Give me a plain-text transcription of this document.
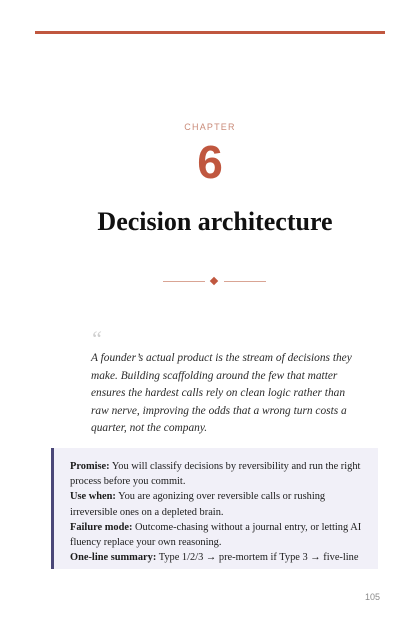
CHAPTER
6
Decision architecture
“
A founder’s actual product is the stream of decisions they make. Building scaffolding around the few that matter ensures the hardest calls rely on clean logic rather than raw nerve, improving the odds that a wrong turn costs a quarter, not the company.

Promise: You will classify decisions by reversibility and run the right process before you commit.

Use when: You are agonizing over reversible calls or rushing irreversible ones on a depleted brain.

Failure mode: Outcome-chasing without a journal entry, or letting AI fluency replace your own reasoning.

One-line summary: Type 1/2/3 → pre-mortem if Type 3 → five-line

105
